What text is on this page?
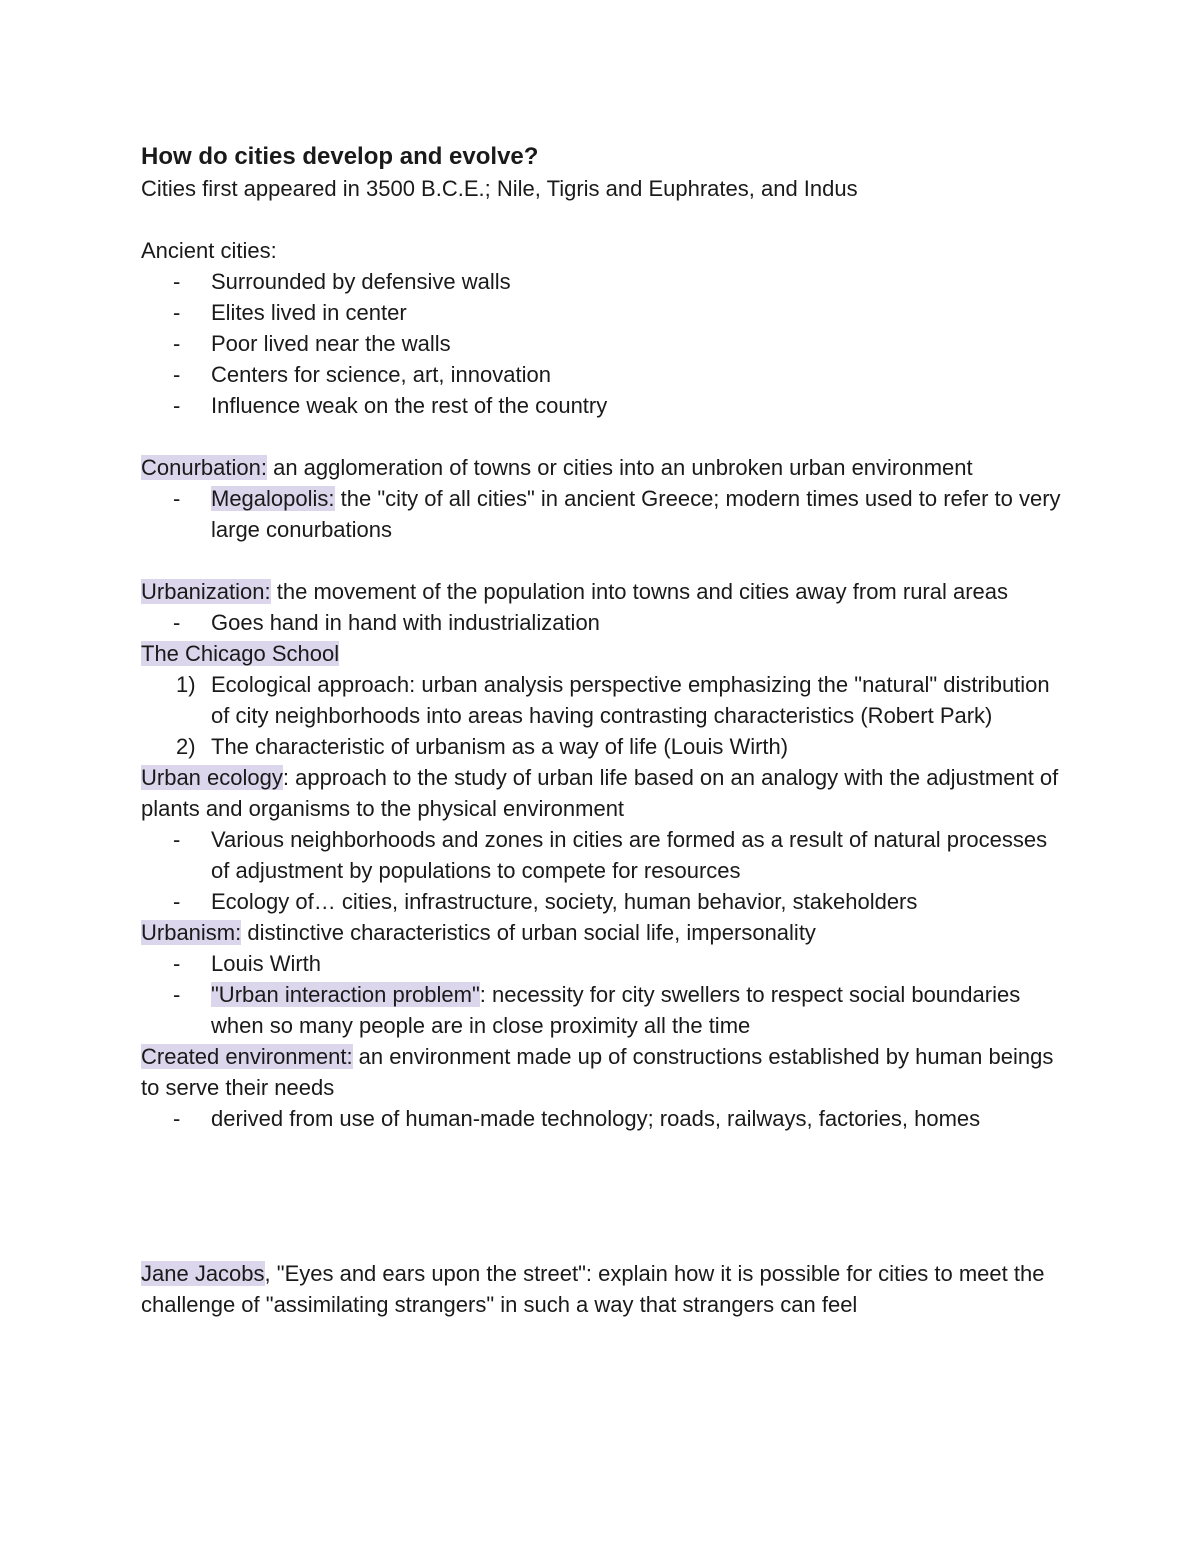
How do cities develop and evolve?

Cities first appeared in 3500 B.C.E.; Nile, Tigris and Euphrates, and Indus

Ancient cities:

- Surrounded by defensive walls
- Elites lived in center
- Poor lived near the walls
- Centers for science, art, innovation
- Influence weak on the rest of the country

Conurbation: an agglomeration of towns or cities into an unbroken urban environment

- Megalopolis: the "city of all cities" in ancient Greece; modern times used to refer to very large conurbations

Urbanization: the movement of the population into towns and cities away from rural areas

- Goes hand in hand with industrialization

The Chicago School

1) Ecological approach: urban analysis perspective emphasizing the "natural" distribution of city neighborhoods into areas having contrasting characteristics (Robert Park)
2) The characteristic of urbanism as a way of life (Louis Wirth)

Urban ecology: approach to the study of urban life based on an analogy with the adjustment of plants and organisms to the physical environment

- Various neighborhoods and zones in cities are formed as a result of natural processes of adjustment by populations to compete for resources
- Ecology of… cities, infrastructure, society, human behavior, stakeholders

Urbanism: distinctive characteristics of urban social life, impersonality

- Louis Wirth
- "Urban interaction problem": necessity for city swellers to respect social boundaries when so many people are in close proximity all the time

Created environment: an environment made up of constructions established by human beings to serve their needs

- derived from use of human-made technology; roads, railways, factories, homes

Jane Jacobs, "Eyes and ears upon the street": explain how it is possible for cities to meet the challenge of "assimilating strangers" in such a way that strangers can feel
